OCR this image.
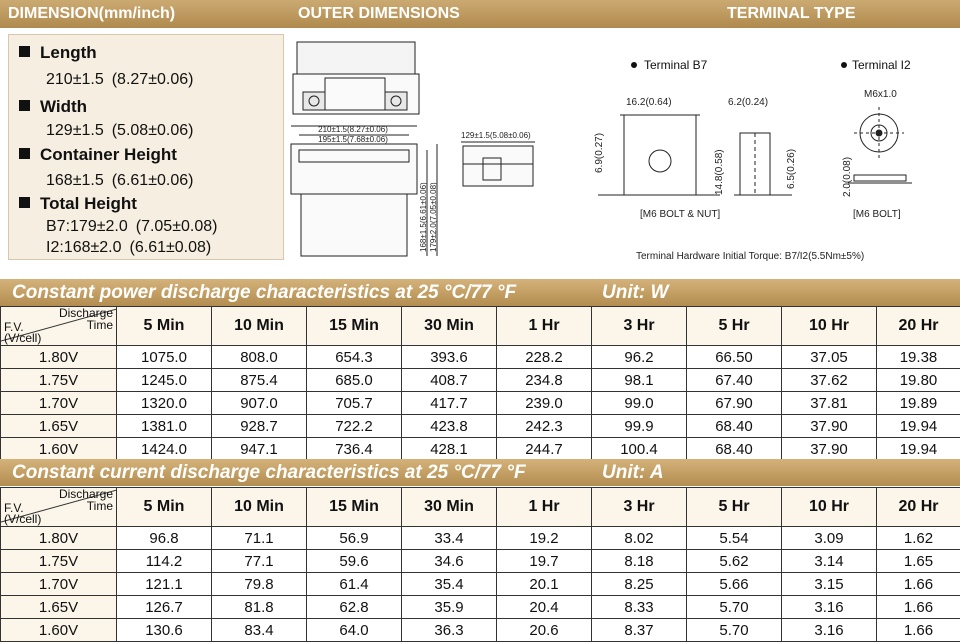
DIMENSION(mm/inch)	OUTER DIMENSIONS	TERMINAL TYPE
Length
210±1.5 (8.27±0.06)
Width
129±1.5 (5.08±0.06)
Container Height
168±1.5 (6.61±0.06)
Total Height
B7:179±2.0 (7.05±0.08)
I2:168±2.0 (6.61±0.08)
210±1.5(8.27±0.06)
195±1.5(7.68±0.06)
168±1.5(6.61±0.06) 179±2.0(7.05±0.08)
129±1.5(5.08±0.06)
Terminal B7	Terminal I2
16.2(0.64)
6.9(0.27)	14.8(0.58)
6.2(0.24)
6.5(0.26)
[M6 BOLT & NUT]
M6x1.0
2.0(0.08)
[M6 BOLT]
Terminal Hardware Initial Torque: B7/I2(5.5Nm±5%)
Constant power discharge characteristics at 25 °C/77 °F	Unit: W
Discharge
Time
F.V.
(V/cell)	5 Min	10 Min	15 Min	30 Min	1 Hr	3 Hr	5 Hr	10 Hr	20 Hr
1.80V	1075.0	808.0	654.3	393.6	228.2	96.2	66.50	37.05	19.38
1.75V	1245.0	875.4	685.0	408.7	234.8	98.1	67.40	37.62	19.80
1.70V	1320.0	907.0	705.7	417.7	239.0	99.0	67.90	37.81	19.89
1.65V	1381.0	928.7	722.2	423.8	242.3	99.9	68.40	37.90	19.94
1.60V	1424.0	947.1	736.4	428.1	244.7	100.4	68.40	37.90	19.94
Constant current discharge characteristics at 25 °C/77 °F	Unit: A
Discharge
Time
F.V.
(V/cell)	5 Min	10 Min	15 Min	30 Min	1 Hr	3 Hr	5 Hr	10 Hr	20 Hr
1.80V	96.8	71.1	56.9	33.4	19.2	8.02	5.54	3.09	1.62
1.75V	114.2	77.1	59.6	34.6	19.7	8.18	5.62	3.14	1.65
1.70V	121.1	79.8	61.4	35.4	20.1	8.25	5.66	3.15	1.66
1.65V	126.7	81.8	62.8	35.9	20.4	8.33	5.70	3.16	1.66
1.60V	130.6	83.4	64.0	36.3	20.6	8.37	5.70	3.16	1.66
